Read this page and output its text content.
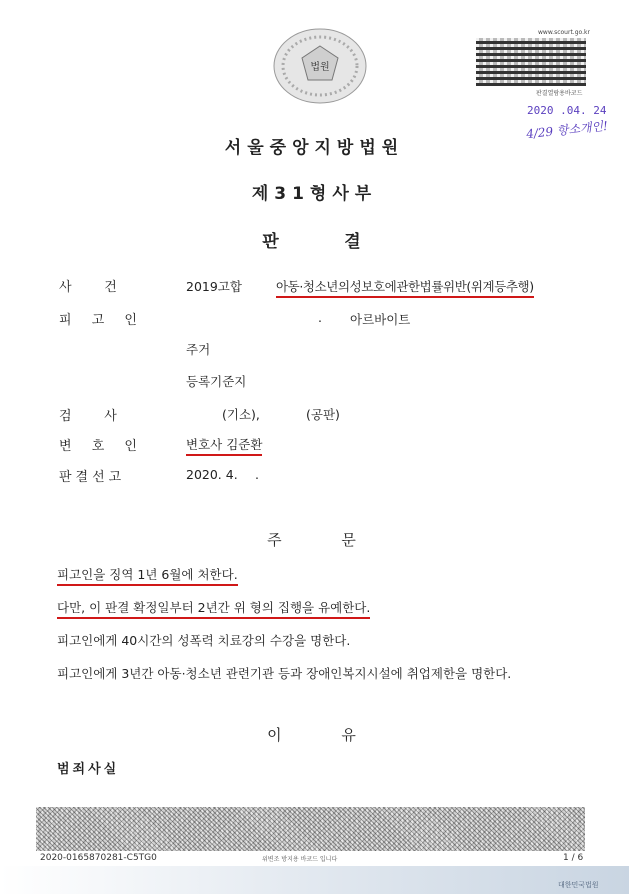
법원
www.scourt.go.kr
판결열람용바코드
2020 .04. 24
4/29 항소개인!
서울중앙지방법원
제31형사부
판     결
사     건	2019고합	아동·청소년의성보호에관한법률위반(위계등추행)
피 고 인	. 아르바이트
주거
등록기준지
검     사	(기소),	(공판)
변 호 인	변호사 김준환
판결선고	2020. 4. .
주     문
피고인을 징역 1년 6월에 처한다.
다만, 이 판결 확정일부터 2년간 위 형의 집행을 유예한다.
피고인에게 40시간의 성폭력 치료강의 수강을 명한다.
피고인에게 3년간 아동·청소년 관련기관 등과 장애인복지시설에 취업제한을 명한다.
이     유
범죄사실
2020-0165870281-C5TG0	위변조 방지용 바코드 입니다	1 / 6
대한민국법원
